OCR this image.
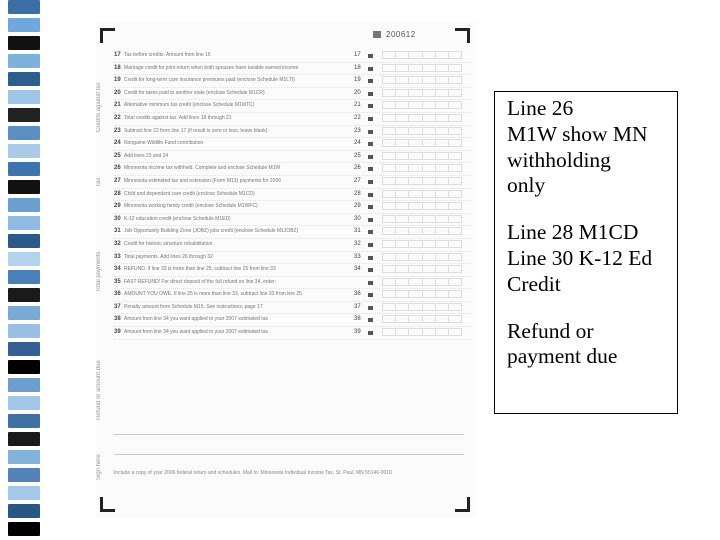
200612
Credits against tax
Tax
Total payments
Refund or amount due
Sign here
17 Tax before credits. Amount from line 16	17
18 Marriage credit for joint return when both spouses have taxable earned income	18
19 Credit for long-term care insurance premiums paid (enclose Schedule M1LTI)	19
20 Credit for taxes paid to another state (enclose Schedule M1CR)	20
21 Alternative minimum tax credit (enclose Schedule M1MTC)	21
22 Total credits against tax. Add lines 18 through 21	22
23 Subtract line 22 from line 17 (if result is zero or less, leave blank)	23
24 Nongame Wildlife Fund contribution	24
25 Add lines 23 and 24	25
26 Minnesota income tax withheld. Complete and enclose Schedule M1W	26
27 Minnesota estimated tax and extension (Form M13) payments for 2006	27
28 Child and dependent care credit (enclose Schedule M1CD)	28
29 Minnesota working family credit (enclose Schedule M1WFC)	29
30 K-12 education credit (enclose Schedule M1ED)	30
31 Job Opportunity Building Zone (JOBZ) jobs credit (enclose Schedule M1JOBZ)	31
32 Credit for historic structure rehabilitation	32
33 Total payments. Add lines 26 through 32	33
34 REFUND. If line 33 is more than line 25, subtract line 25 from line 33	34
35 FAST REFUND! For direct deposit of the full refund on line 34, enter:
36 AMOUNT YOU OWE. If line 25 is more than line 33, subtract line 33 from line 25	36
37 Penalty amount from Schedule M15. See instructions, page 17	37
38 Amount from line 34 you want applied to your 2007 estimated tax	38
39 Amount from line 34 you want applied to your 2007 estimated tax	39
Include a copy of your 2006 federal return and schedules. Mail to: Minnesota Individual Income Tax, St. Paul, MN 55146-0010
Line 26
M1W show MN
withholding
only
Line 28 M1CD
Line 30 K-12 Ed
Credit
Refund or
payment due
